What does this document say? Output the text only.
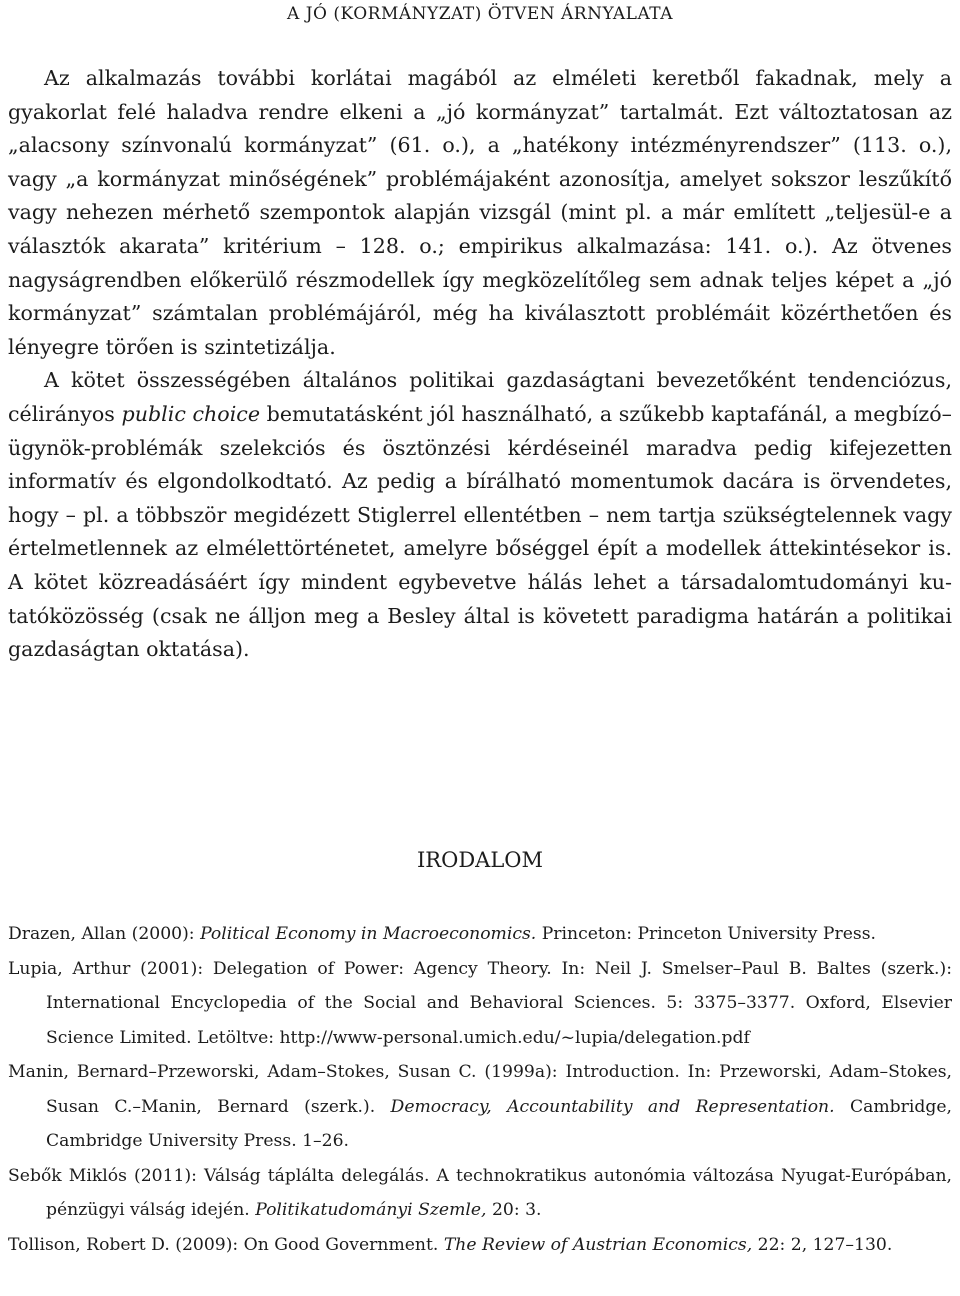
A JÓ (KORMÁNYZAT) ÖTVEN ÁRNYALATA

Az alkalmazás további korlátai magából az elméleti keretből fakadnak, mely a gyakorlat felé haladva rendre elkeni a „jó kormányzat” tartalmát. Ezt változtatosan az „alacsony színvonalú kormányzat” (61. o.), a „hatékony intézményrendszer” (113. o.), vagy „a kormányzat minőségének” problémájaként azonosítja, amelyet sokszor leszűkítő vagy nehezen mérhető szempontok alapján vizsgál (mint pl. a már említett „teljesül-e a választók akarata” kritérium – 128. o.; empirikus alkalmazása: 141. o.). Az ötvenes nagyságrendben előkerülő részmodellek így megközelítőleg sem adnak teljes képet a „jó kormányzat” számtalan problémájáról, még ha kiválasztott problémáit közérthetően és lényegre törően is szintetizálja.

A kötet összességében általános politikai gazdaságtani bevezetőként tendenciózus, célirányos public choice bemutatásként jól használható, a szűkebb kaptafánál, a megbízó–ügynök-problémák szelekciós és ösztönzési kérdéseinél maradva pedig kifejezetten informatív és elgondolkodtató. Az pedig a bírálható momentumok dacára is örvendetes, hogy – pl. a többször megidézett Stiglerrel ellentétben – nem tartja szükségtelennek vagy értelmetlennek az elmélettörténetet, amelyre bőséggel épít a modellek áttekintésekor is. A kötet közreadásáért így mindent egybevetve hálás lehet a társadalomtudományi kutatóközösség (csak ne álljon meg a Besley által is követett paradigma határán a politikai gazdaságtan oktatása).

IRODALOM

Drazen, Allan (2000): Political Economy in Macroeconomics. Princeton: Princeton University Press.

Lupia, Arthur (2001): Delegation of Power: Agency Theory. In: Neil J. Smelser–Paul B. Baltes (szerk.): International Encyclopedia of the Social and Behavioral Sciences. 5: 3375–3377. Oxford, Elsevier Science Limited. Letöltve: http://www-personal.umich.edu/~lupia/delegation.pdf

Manin, Bernard–Przeworski, Adam–Stokes, Susan C. (1999a): Introduction. In: Przeworski, Adam–Stokes, Susan C.–Manin, Bernard (szerk.). Democracy, Accountability and Representation. Cambridge, Cambridge University Press. 1–26.

Sebők Miklós (2011): Válság táplálta delegálás. A technokratikus autonómia változása Nyugat-Európában, pénzügyi válság idején. Politikatudományi Szemle, 20: 3.

Tollison, Robert D. (2009): On Good Government. The Review of Austrian Economics, 22: 2, 127–130.
